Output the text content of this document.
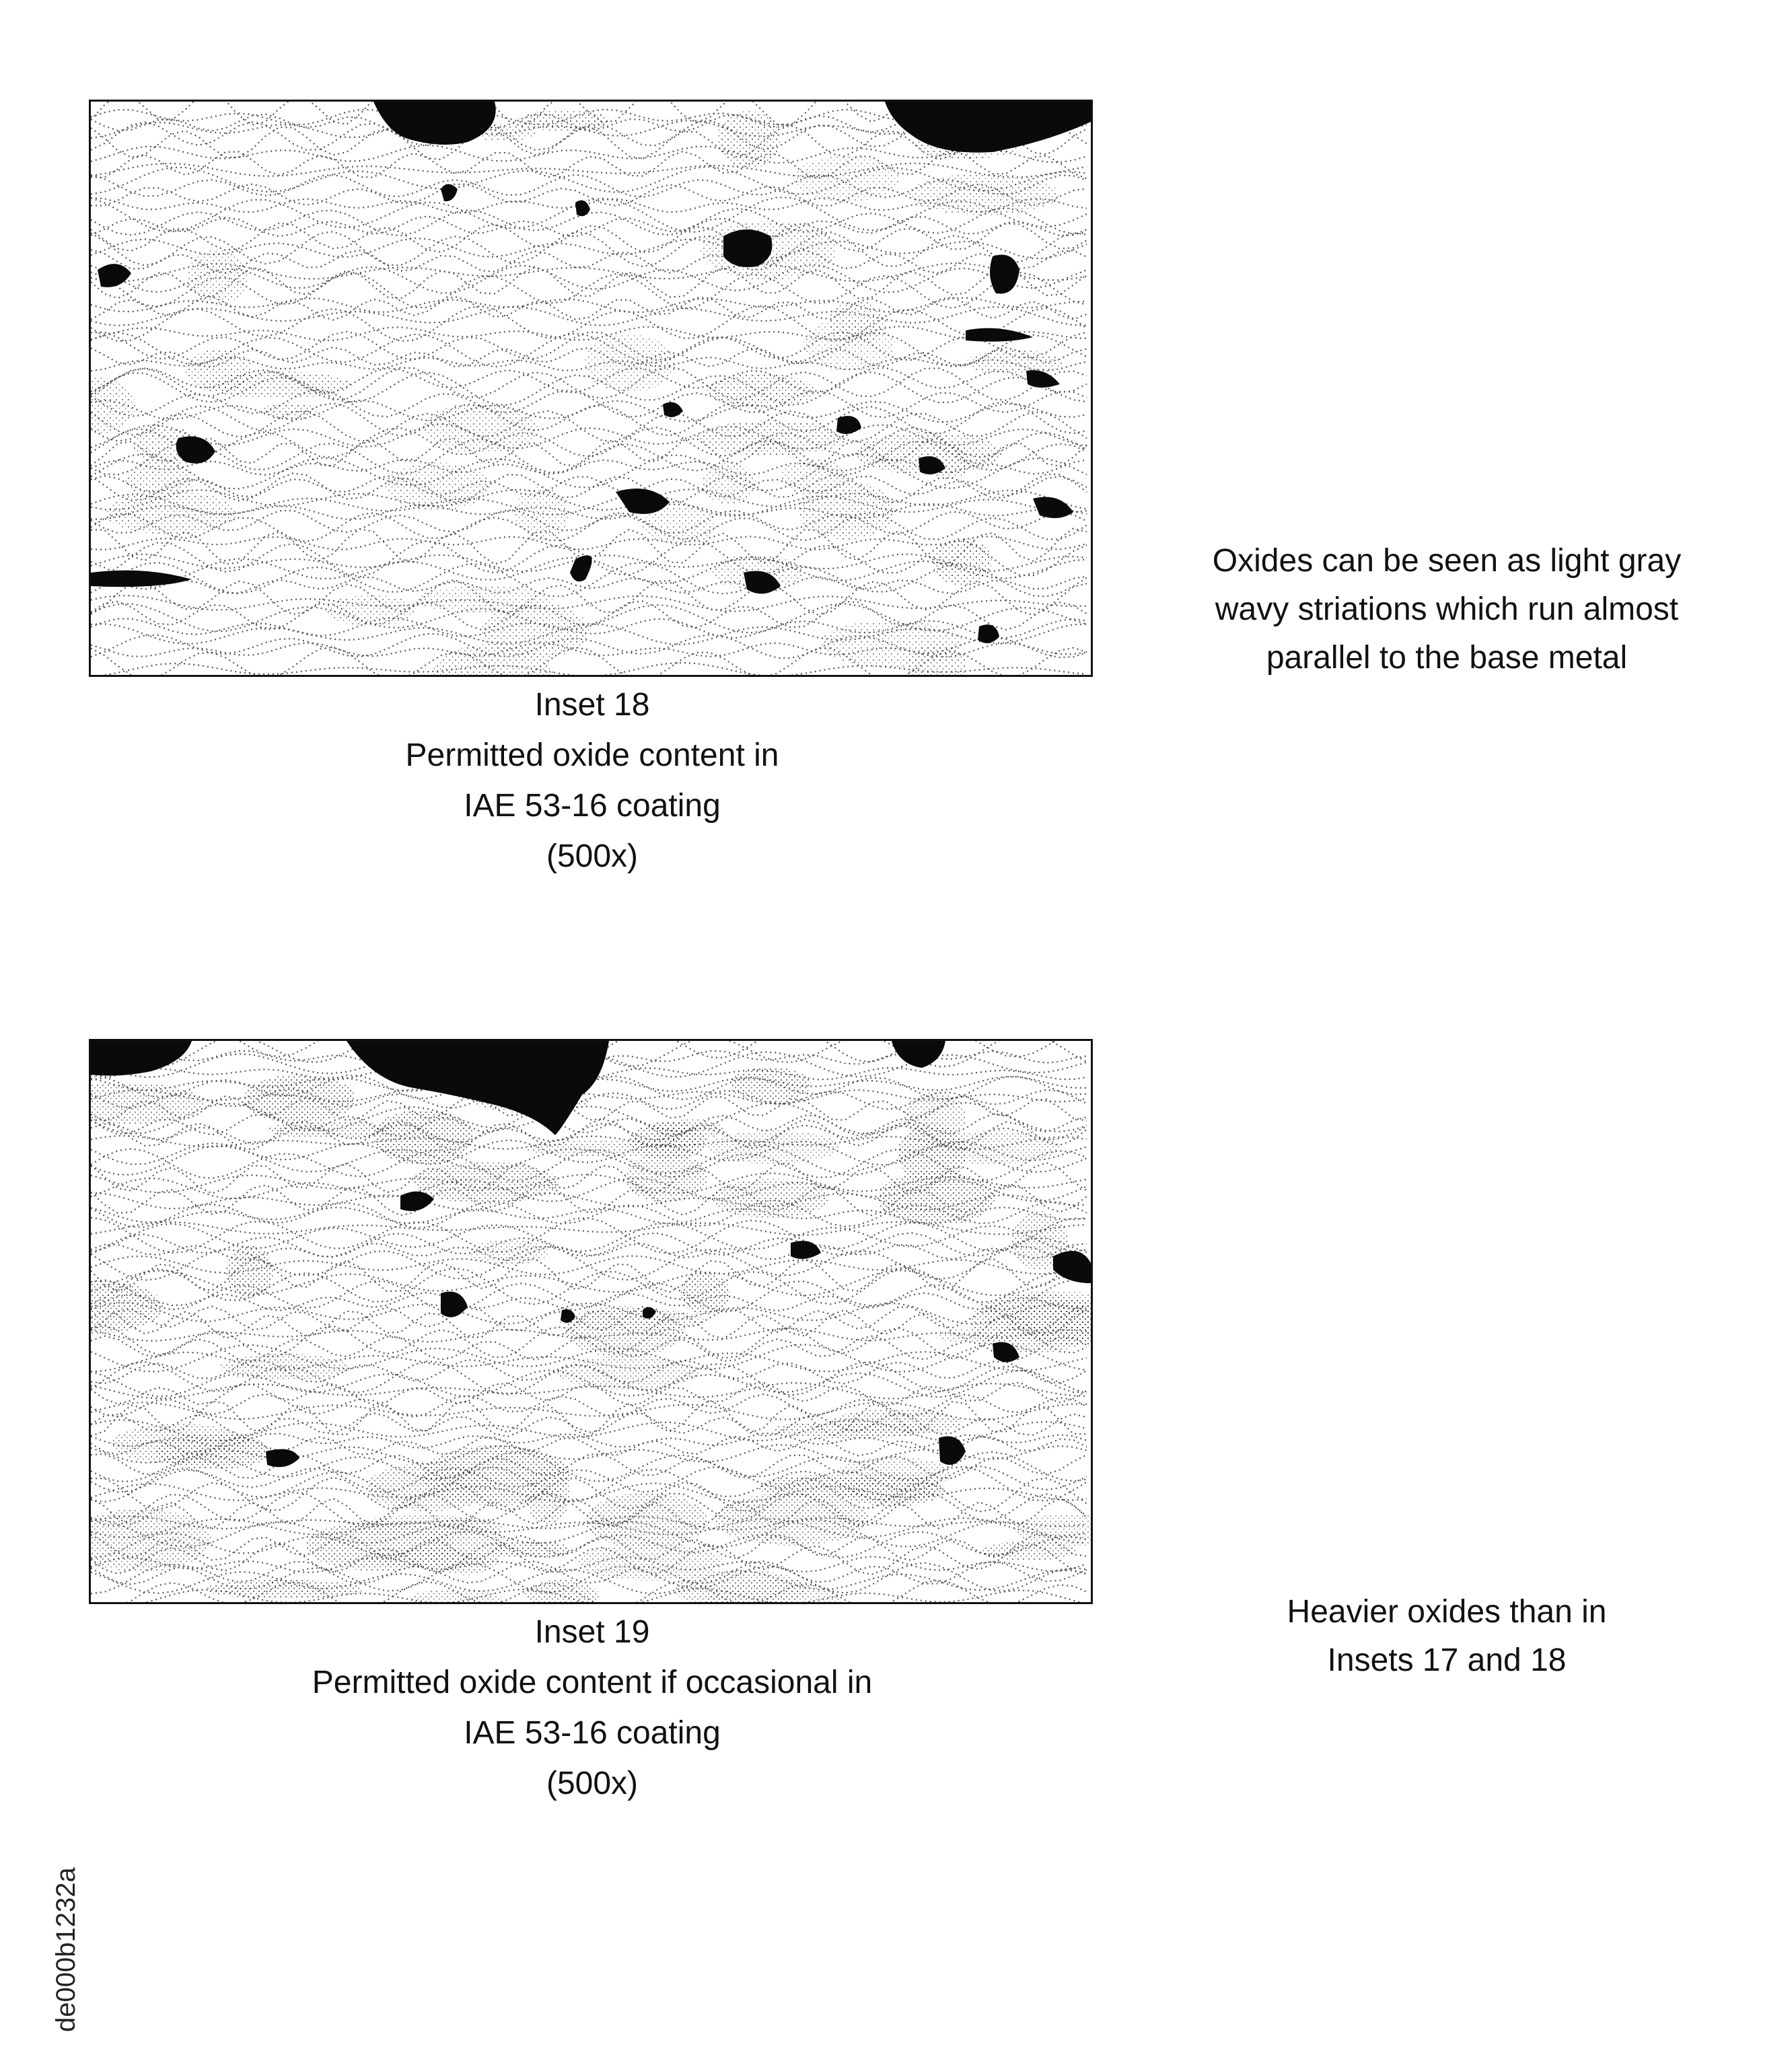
Inset 18
Permitted oxide content in
IAE 53-16 coating
(500x)
Oxides can be seen as light gray
wavy striations which run almost
parallel to the base metal
Inset 19
Permitted oxide content if occasional in
IAE 53-16 coating
(500x)
Heavier oxides than in
Insets 17 and 18
de000b1232a
